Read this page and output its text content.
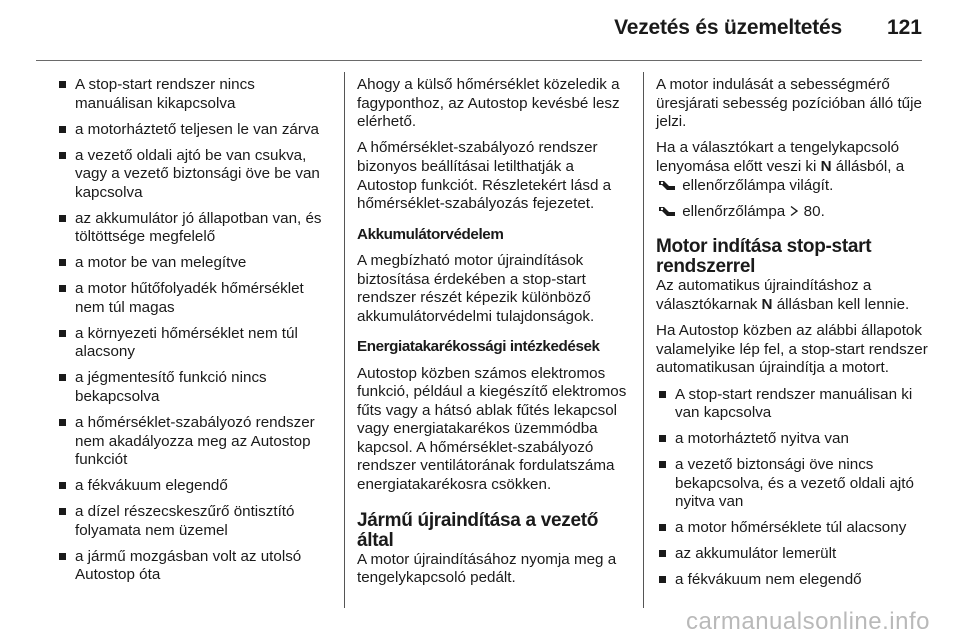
Vezetés és üzemeltetés 121
A stop-start rendszer nincs manuálisan kikapcsolva
a motorháztető teljesen le van zárva
a vezető oldali ajtó be van csukva, vagy a vezető biztonsági öve be van kapcsolva
az akkumulátor jó állapotban van, és töltöttsége megfelelő
a motor be van melegítve
a motor hűtőfolyadék hőmérséklet nem túl magas
a környezeti hőmérséklet nem túl alacsony
a jégmentesítő funkció nincs bekapcsolva
a hőmérséklet-szabályozó rendszer nem akadályozza meg az Autostop funkciót
a fékvákuum elegendő
a dízel részecskeszűrő öntisztító folyamata nem üzemel
a jármű mozgásban volt az utolsó Autostop óta

Ahogy a külső hőmérséklet közeledik a fagyponthoz, az Autostop kevésbé lesz elérhető.

A hőmérséklet-szabályozó rendszer bizonyos beállításai letilthatják a Autostop funkciót. Részletekért lásd a hőmérséklet-szabályozás fejezetet.

Akkumulátorvédelem

A megbízható motor újraindítások biztosítása érdekében a stop-start rendszer részét képezik különböző akkumulátorvédelmi tulajdonságok.

Energiatakarékossági intézkedések

Autostop közben számos elektromos funkció, például a kiegészítő elektromos fűts vagy a hátsó ablak fűtés lekapcsol vagy energiatakarékos üzemmódba kapcsol. A hőmérséklet-szabályozó rendszer ventilátorának fordulatszáma energiatakarékosra csökken.

Jármű újraindítása a vezető által

A motor újraindításához nyomja meg a tengelykapcsoló pedált.

A motor indulását a sebességmérő üresjárati sebesség pozícióban álló tűje jelzi.

Ha a választókart a tengelykapcsoló lenyomása előtt veszi ki N állásból, a  ellenőrzőlámpa világít.

ellenőrzőlámpa  80.

Motor indítása stop-start rendszerrel

Az automatikus újraindításhoz a választókarnak N állásban kell lennie.

Ha Autostop közben az alábbi állapotok valamelyike lép fel, a stop-start rendszer automatikusan újraindítja a motort.

A stop-start rendszer manuálisan ki van kapcsolva
a motorháztető nyitva van
a vezető biztonsági öve nincs bekapcsolva, és a vezető oldali ajtó nyitva van
a motor hőmérséklete túl alacsony
az akkumulátor lemerült
a fékvákuum nem elegendő
carmanualsonline.info
